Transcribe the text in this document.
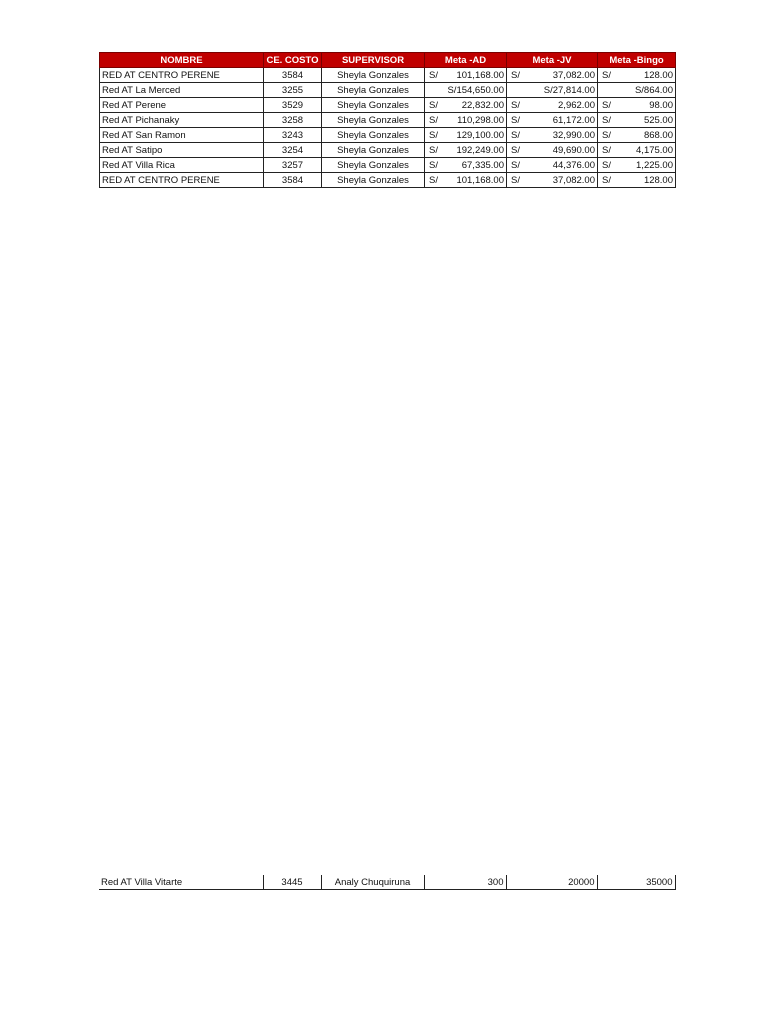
NOMBRE	CE. COSTO	SUPERVISOR	Meta -AD	Meta -JV	Meta -Bingo
RED AT CENTRO PERENE	3584	Sheyla Gonzales	S/ 101,168.00	S/ 37,082.00	S/ 128.00

Red AT La Merced	3255	Sheyla Gonzales	S/154,650.00	S/27,814.00	S/864.00

Red AT Perene	3529	Sheyla Gonzales	S/ 22,832.00	S/ 2,962.00	S/ 98.00

Red AT Pichanaky	3258	Sheyla Gonzales	S/ 110,298.00	S/ 61,172.00	S/ 525.00

Red AT San Ramon	3243	Sheyla Gonzales	S/ 129,100.00	S/ 32,990.00	S/ 868.00

Red AT Satipo	3254	Sheyla Gonzales	S/ 192,249.00	S/ 49,690.00	S/ 4,175.00

Red AT Villa Rica	3257	Sheyla Gonzales	S/ 67,335.00	S/ 44,376.00	S/ 1,225.00

RED AT CENTRO PERENE	3584	Sheyla Gonzales	S/ 101,168.00	S/ 37,082.00	S/ 128.00
Red AT Villa Vitarte	3445	Analy Chuquiruna	300	20000	35000
